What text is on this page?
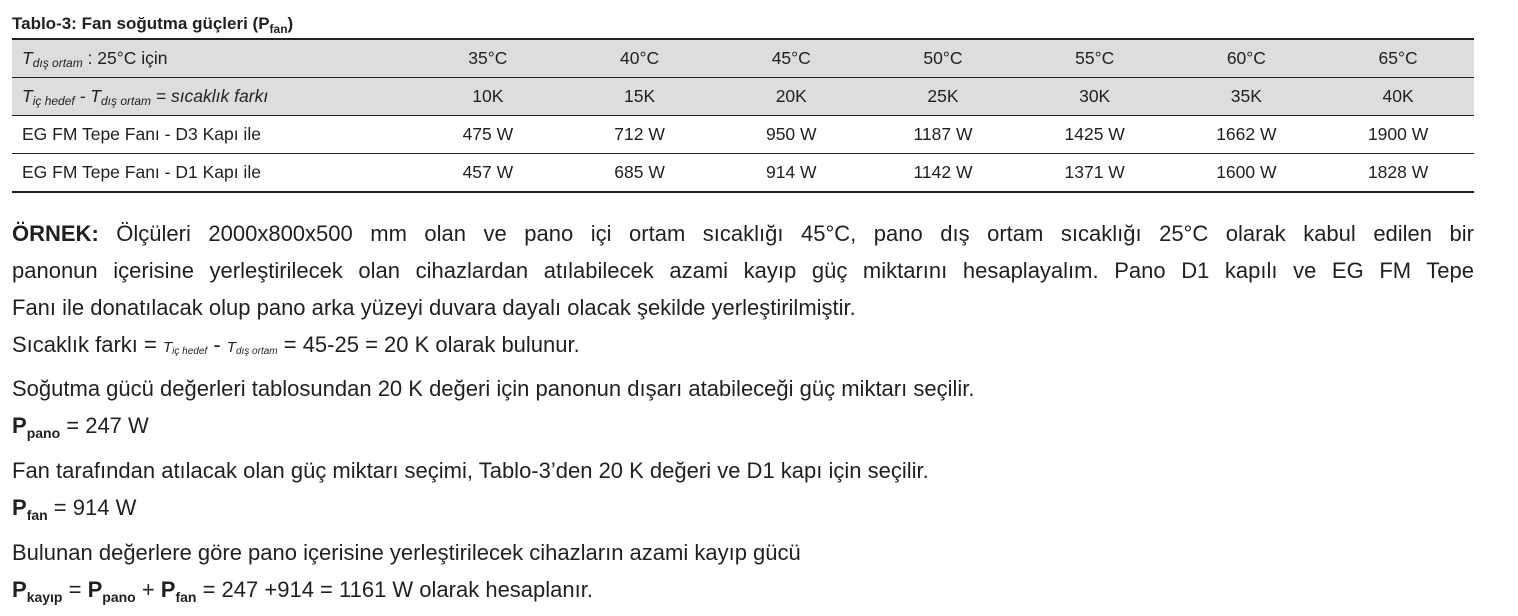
Tablo-3: Fan soğutma güçleri $(P_{fan})$
$T_{dış ortam}$ : 25°C için	35°C	40°C	45°C	50°C	55°C	60°C	65°C
$T_{iç hedef} - T_{dış ortam}$ = sıcaklık farkı	10K	15K	20K	25K	30K	35K	40K
EG FM Tepe Fanı - D3 Kapı ile	475 W	712 W	950 W	1187 W	1425 W	1662 W	1900 W
EG FM Tepe Fanı - D1 Kapı ile	457 W	685 W	914 W	1142 W	1371 W	1600 W	1828 W

ÖRNEK: Ölçüleri 2000x800x500 mm olan ve pano içi ortam sıcaklığı 45°C, pano dış ortam sıcaklığı 25°C olarak kabul edilen bir

panonun içerisine yerleştirilecek olan cihazlardan atılabilecek azami kayıp güç miktarını hesaplayalım. Pano D1 kapılı ve EG FM Tepe

Fanı ile donatılacak olup pano arka yüzeyi duvara dayalı olacak şekilde yerleştirilmiştir.

Sıcaklık farkı = $T_{iç hedef} - T_{dış ortam} = 45-25 = 20$ K olarak bulunur.

Soğutma gücü değerleri tablosundan 20 K değeri için panonun dışarı atabileceği güç miktarı seçilir.

$P_{pano} = 247$ W

Fan tarafından atılacak olan güç miktarı seçimi, Tablo-3’den 20 K değeri ve D1 kapı için seçilir.

$P_{fan} = 914$ W

Bulunan değerlere göre pano içerisine yerleştirilecek cihazların azami kayıp gücü

$P_{kayıp} = P_{pano} + P_{fan} = 247 +914 = 1161$ W olarak hesaplanır.
